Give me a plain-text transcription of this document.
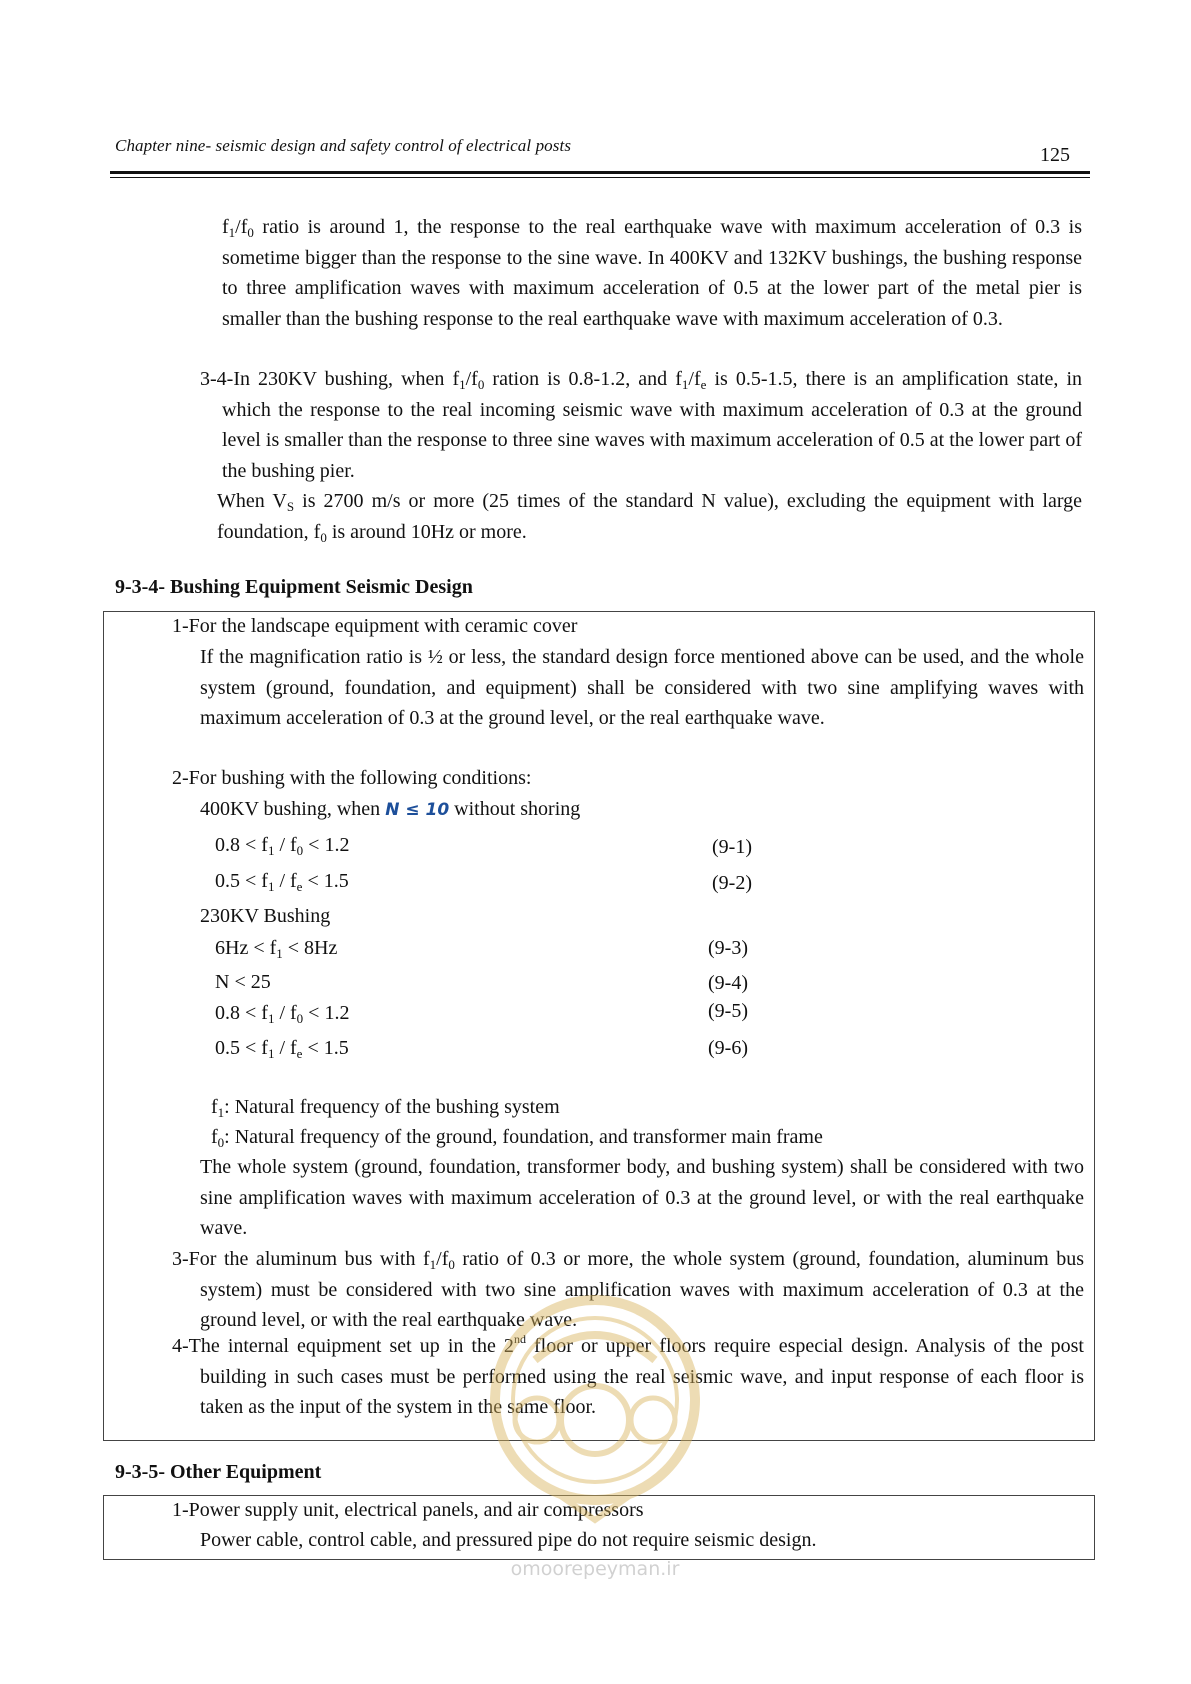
Chapter nine- seismic design and safety control of electrical posts	125
$f_1/f_0$ ratio is around 1, the response to the real earthquake wave with maximum acceleration of 0.3 is sometime bigger than the response to the sine wave. In 400KV and 132KV bushings, the bushing response to three amplification waves with maximum acceleration of 0.5 at the lower part of the metal pier is smaller than the bushing response to the real earthquake wave with maximum acceleration of 0.3.
3-4-In 230KV bushing, when $f_1/f_0$ ration is 0.8-1.2, and $f_1/f_e$ is 0.5-1.5, there is an amplification state, in which the response to the real incoming seismic wave with maximum acceleration of 0.3 at the ground level is smaller than the response to three sine waves with maximum acceleration of 0.5 at the lower part of the bushing pier.
When $V_S$ is 2700 m/s or more (25 times of the standard N value), excluding the equipment with large foundation, $f_0$ is around 10Hz or more.
9-3-4- Bushing Equipment Seismic Design
1-For the landscape equipment with ceramic cover
If the magnification ratio is ½ or less, the standard design force mentioned above can be used, and the whole system (ground, foundation, and equipment) shall be considered with two sine amplifying waves with maximum acceleration of 0.3 at the ground level, or the real earthquake wave.
2-For bushing with the following conditions:
400KV bushing, when N ≤ 10 without shoring
$0.8 < f_1 / f_0 < 1.2$	(9-1)
$0.5 < f_1 / f_e < 1.5$	(9-2)
230KV Bushing
$6Hz < f_1 < 8Hz$	(9-3)
N < 25	(9-4)
$0.8 < f_1 / f_0 < 1.2$	(9-5)
$0.5 < f_1 / f_e < 1.5$	(9-6)
$f_1$: Natural frequency of the bushing system
$f_0$: Natural frequency of the ground, foundation, and transformer main frame
The whole system (ground, foundation, transformer body, and bushing system) shall be considered with two sine amplification waves with maximum acceleration of 0.3 at the ground level, or with the real earthquake wave.
3-For the aluminum bus with $f_1/f_0$ ratio of 0.3 or more, the whole system (ground, foundation, aluminum bus system) must be considered with two sine amplification waves with maximum acceleration of 0.3 at the ground level, or with the real earthquake wave.
4-The internal equipment set up in the 2nd floor or upper floors require especial design. Analysis of the post building in such cases must be performed using the real seismic wave, and input response of each floor is taken as the input of the system in the same floor.
9-3-5- Other Equipment
1-Power supply unit, electrical panels, and air compressors
Power cable, control cable, and pressured pipe do not require seismic design.
omoorepeyman.ir
